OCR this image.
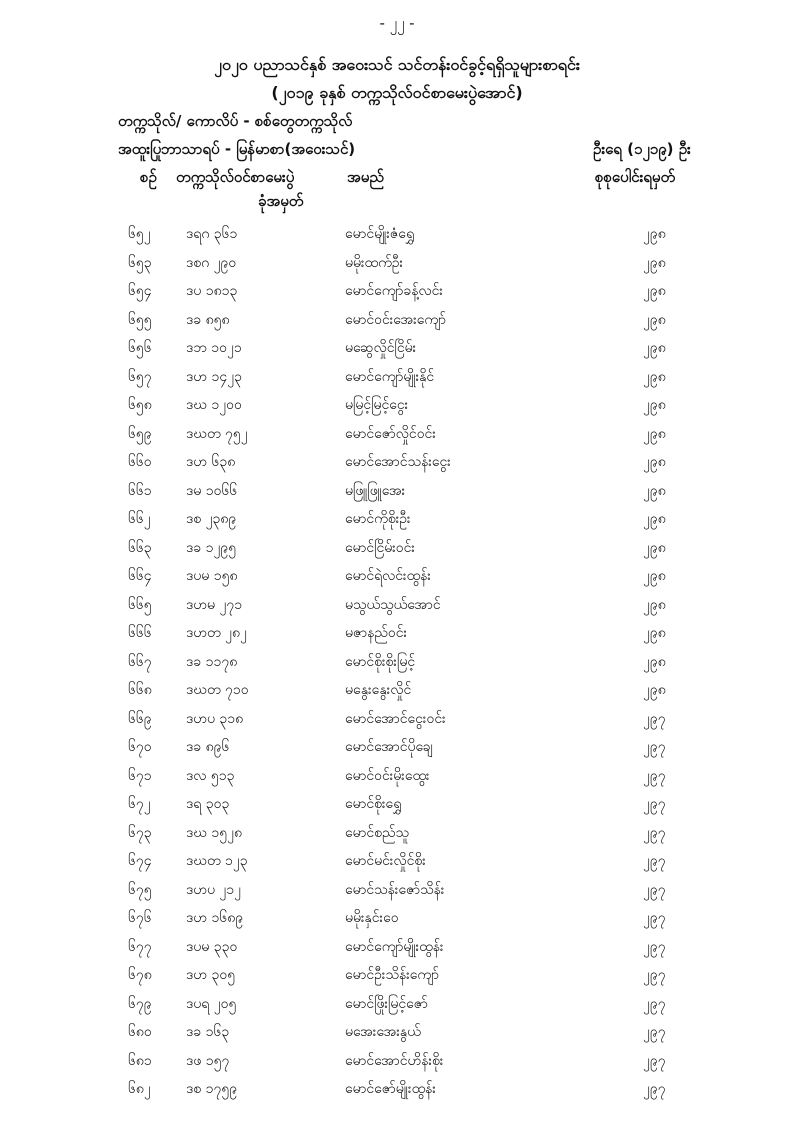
- ၂၂ -
၂၀၂၀ ပညာသင်နှစ် အဝေးသင် သင်တန်းဝင်ခွင့်ရရှိသူများစာရင်း
(၂၀၁၉ ခုနှစ် တက္ကသိုလ်ဝင်စာမေးပွဲအောင်)
တက္ကသိုလ်/ ကောလိပ် - စစ်တွေတက္ကသိုလ်
အထူးပြုဘာသာရပ် - မြန်မာစာ(အဝေးသင်)	ဦးရေ (၁၂၁၉) ဦး
စဉ် တက္ကသိုလ်ဝင်စာမေးပွဲ
ခုံအမှတ်
အမည်	စုစုပေါင်းရမှတ်
၆၅၂	ဒရဂ ၃၆၁	မောင်မျိုးဇံရွှေ	၂၉၈
၆၅၃ ဒစဂ ၂၉၀	မမိုးထက်ဦး	၂၉၈
၆၅၄ ဒပ ၁၈၁၃	မောင်ကျော်ခန့်လင်း	၂၉၈
၆၅၅ ဒခ ၈၅၈	မောင်ဝင်းအေးကျော်	၂၉၈
၆၅၆ ဒဘ ၁၀၂၁	မဆွေလှိုင်ငြိမ်း	၂၉၈
၆၅၇ ဒဟ ၁၄၂၃	မောင်ကျော်မျိုးနိုင်	၂၉၈
၆၅၈ ဒဃ ၁၂၀၀	မမြင့်မြင့်ငွေး	၂၉၈
၆၅၉ ဒဃတ ၇၅၂	မောင်ဇော်လှိုင်ဝင်း	၂၉၈
၆၆၀ ဒဟ ၆၃၈	မောင်အောင်သန်းငွေး	၂၉၈
၆၆၁ ဒမ ၁၀၆၆	မဖြူဖြူအေး	၂၉၈
၆၆၂	ဒစ ၂၃၈၉	မောင်ကိုစိုးဦး	၂၉၈
၆၆၃ ဒခ ၁၂၉၅	မောင်ငြိမ်းဝင်း	၂၉၈
၆၆၄ ဒပမ ၁၅၈	မောင်ရဲလင်းထွန်း	၂၉၈
၆၆၅ ဒဟမ ၂၇၁	မသွယ်သွယ်အောင်	၂၉၈
၆၆၆ ဒဟတ ၂၈၂	မဇာနည်ဝင်း	၂၉၈
၆၆၇ ဒခ ၁၁၇၈	မောင်စိုးစိုးမြင့်	၂၉၈
၆၆၈ ဒဃတ ၇၁၀	မနွေးနွေးလှိုင်	၂၉၈
၆၆၉ ဒဟပ ၃၁၈	မောင်အောင်ငွေးဝင်း	၂၉၇
၆၇၀ ဒခ ၈၉၆	မောင်အောင်ပိုချေ	၂၉၇
၆၇၁ ဒလ ၅၁၃	မောင်ဝင်းမိုးထွေး	၂၉၇
၆၇၂	ဒရ ၃၀၃	မောင်စိုးရွှေ	၂၉၇
၆၇၃ ဒဃ ၁၅၂၈	မောင်စည်သူ	၂၉၇
၆၇၄ ဒဃတ ၁၂၃	မောင်မင်းလှိုင်စိုး	၂၉၇
၆၇၅ ဒဟပ ၂၁၂	မောင်သန်းဇော်သိန်း	၂၉၇
၆၇၆ ဒဟ ၁၆၈၉	မမိုးနှင်းဝေ	၂၉၇
၆၇၇ ဒပမ ၃၃၀	မောင်ကျော်မျိုးထွန်း	၂၉၇
၆၇၈ ဒဟ ၃၀၅	မောင်ဦးသိန်းကျော်	၂၉၇
၆၇၉ ဒပရ ၂၀၅	မောင်ဖြိုးမြင့်ဇော်	၂၉၇
၆၈၀ ဒခ ၁၆၃	မအေးအေးနွယ်	၂၉၇
၆၈၁ ဒဖ ၁၅၇	မောင်အောင်ဟိန်းစိုး	၂၉၇
၆၈၂	ဒစ ၁၇၅၉	မောင်ဇော်မျိုးထွန်း	၂၉၇
